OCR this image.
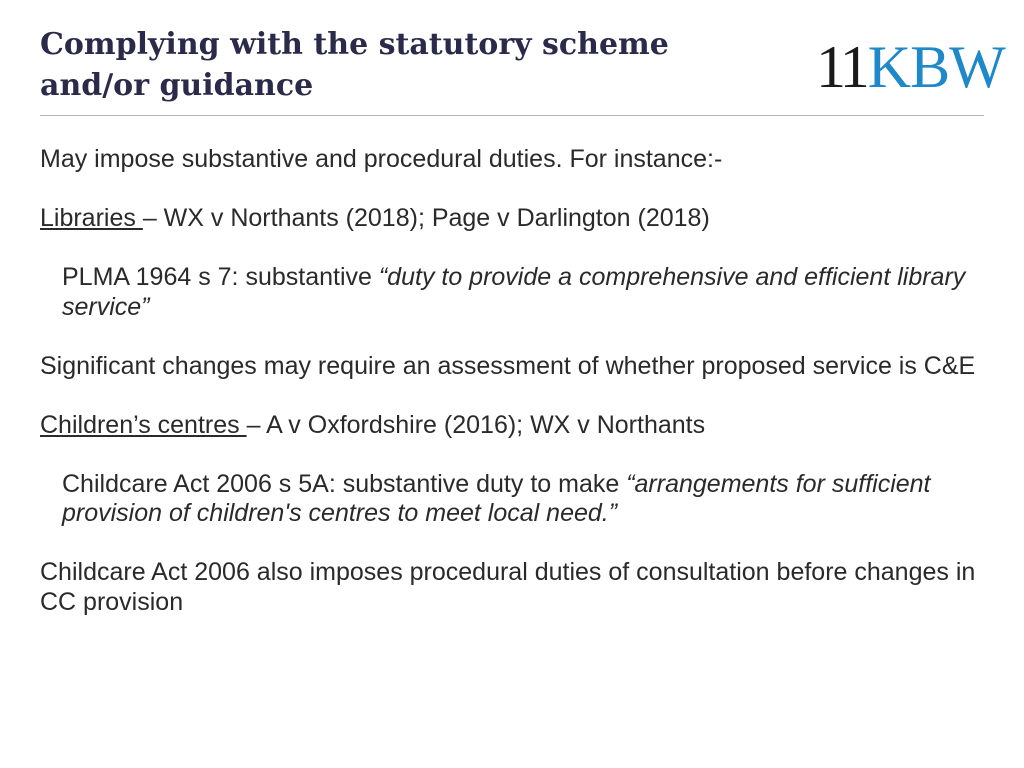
Complying with the statutory scheme and/or guidance	11 KBW

May impose substantive and procedural duties. For instance:-

Libraries – WX v Northants (2018); Page v Darlington (2018)

PLMA 1964 s 7: substantive “duty to provide a comprehensive and efficient library service”

Significant changes may require an assessment of whether proposed service is C&E

Children’s centres – A v Oxfordshire (2016); WX v Northants

Childcare Act 2006 s 5A: substantive duty to make “arrangements for sufficient provision of children's centres to meet local need.”

Childcare Act 2006 also imposes procedural duties of consultation before changes in CC provision
